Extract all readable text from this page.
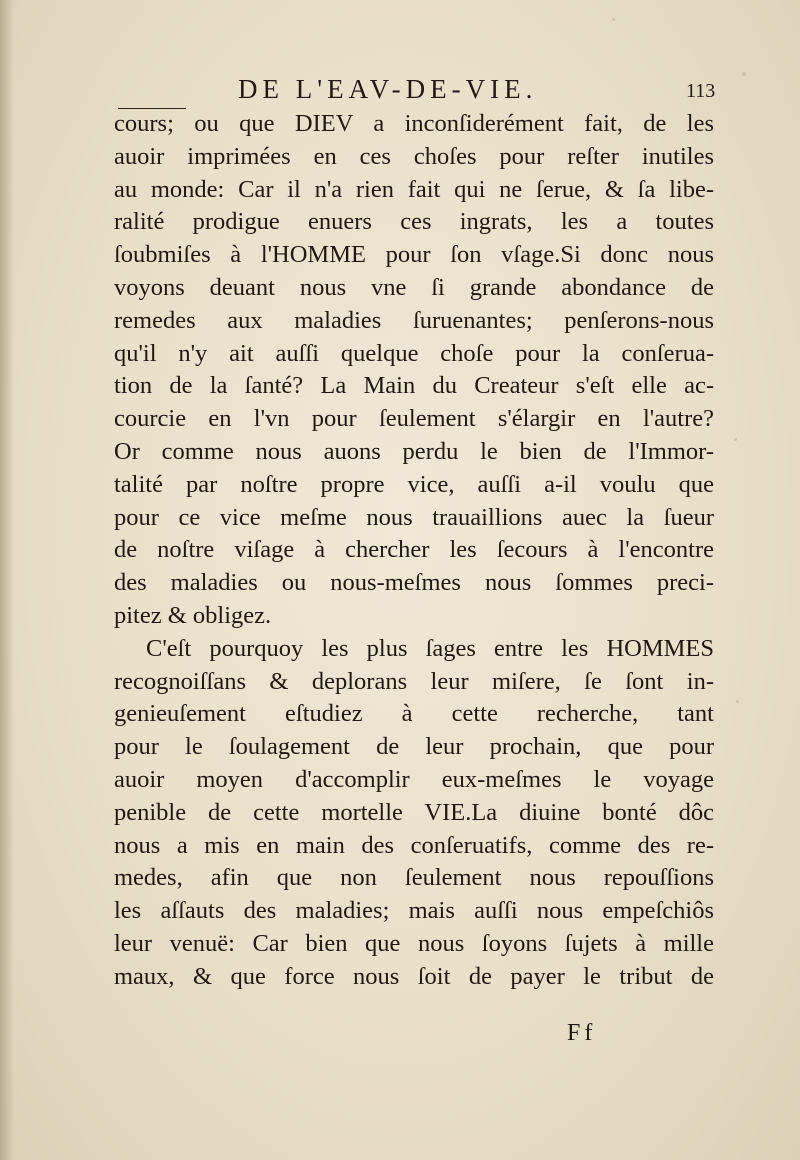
DE L'EAV-DE-VIE.	113
cours; ou que DIEV a inconſiderément fait, de les
auoir imprimées en ces choſes pour reſter inutiles
au monde: Car il n'a rien fait qui ne ſerue, & ſa libe-
ralité prodigue enuers ces ingrats, les a toutes
ſoubmiſes à l'HOMME pour ſon vſage.Si donc nous
voyons deuant nous vne ſi grande abondance de
remedes aux maladies ſuruenantes; penſerons-nous
qu'il n'y ait auſſi quelque choſe pour la conſerua-
tion de la ſanté? La Main du Createur s'eſt elle ac-
courcie en l'vn pour ſeulement s'élargir en l'autre?
Or comme nous auons perdu le bien de l'Immor-
talité par noſtre propre vice, auſſi a-il voulu que
pour ce vice meſme nous trauaillions auec la ſueur
de noſtre viſage à chercher les ſecours à l'encontre
des maladies ou nous-meſmes nous ſommes preci-
pitez & obligez.
C'eſt pourquoy les plus ſages entre les HOMMES
recognoiſſans & deplorans leur miſere, ſe ſont in-
genieuſement eſtudiez à cette recherche, tant
pour le ſoulagement de leur prochain, que pour
auoir moyen d'accomplir eux-meſmes le voyage
penible de cette mortelle VIE.La diuine bonté dôc
nous a mis en main des conſeruatifs, comme des re-
medes, afin que non ſeulement nous repouſſions
les aſſauts des maladies; mais auſſi nous empeſchiôs
leur venuë: Car bien que nous ſoyons ſujets à mille
maux, & que force nous ſoit de payer le tribut de
Ff
